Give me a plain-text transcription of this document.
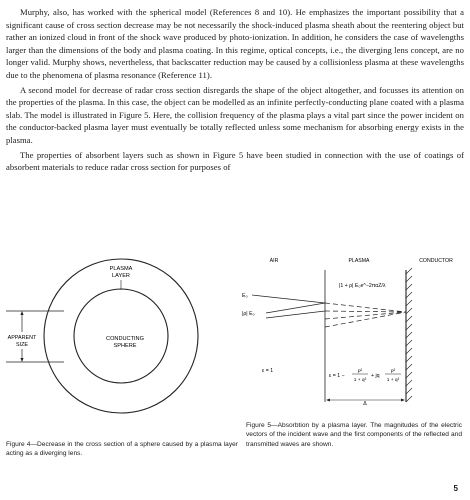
Murphy, also, has worked with the spherical model (References 8 and 10). He emphasizes the important possibility that a significant cause of cross section decrease may be not necessarily the shock-induced plasma sheath about the reentering object but rather an ionized cloud in front of the shock wave produced by photo-ionization. In addition, he considers the case of wavelengths larger than the dimensions of the body and plasma coating. In this regime, optical concepts, i.e., the diverging lens concept, are no longer valid. Murphy shows, nevertheless, that backscatter reduction may be caused by a collisionless plasma at these wavelengths due to the phenomena of plasma resonance (Reference 11).

A second model for decrease of radar cross section disregards the shape of the object altogether, and focusses its attention on the properties of the plasma. In this case, the object can be modelled as an infinite perfectly-conducting plane coated with a plasma slab. The model is illustrated in Figure 5. Here, the collision frequency of the plasma plays a vital part since the power incident on the conductor-backed plasma layer must eventually be totally reflected unless some mechanism for absorbing energy exists in the plasma.

The properties of absorbent layers such as shown in Figure 5 have been studied in connection with the use of coatings of absorbent materials to reduce radar cross section for purposes of

PLASMA
LAYER
CONDUCTING
SPHERE
APPARENT
SIZE
AIR	PLASMA	CONDUCTOR
E₀
|ρ| E₀
|1 + ρ| E₀e^−2παZ/λ
ε = 1
ε = 1 −
p²
1 + q²
+ jq
p²
1 + q²
Δ
Figure 4—Decrease in the cross section of a sphere caused by a plasma layer acting as a diverging lens.
Figure 5—Absorbtion by a plasma layer. The magnitudes of the electric vectors of the incident wave and the first components of the reflected and transmitted waves are shown.
5
